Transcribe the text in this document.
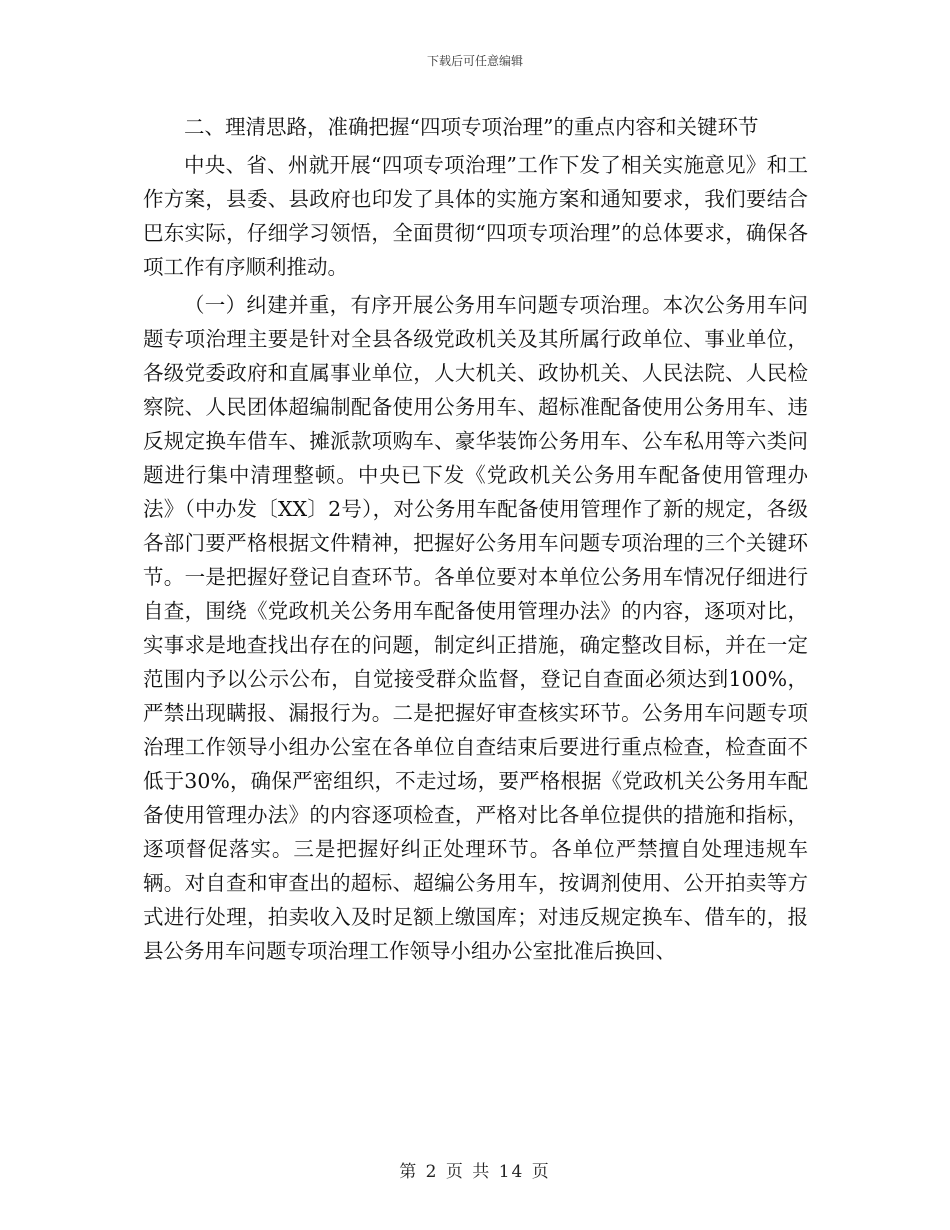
下载后可任意编辑

二、理清思路，准确把握“四项专项治理”的重点内容和关键环节

中央、省、州就开展“四项专项治理”工作下发了相关实施意见》和工作方案，县委、县政府也印发了具体的实施方案和通知要求，我们要结合巴东实际，仔细学习领悟，全面贯彻“四项专项治理”的总体要求，确保各项工作有序顺利推动。

（一）纠建并重，有序开展公务用车问题专项治理。本次公务用车问题专项治理主要是针对全县各级党政机关及其所属行政单位、事业单位，各级党委政府和直属事业单位，人大机关、政协机关、人民法院、人民检察院、人民团体超编制配备使用公务用车、超标准配备使用公务用车、违反规定换车借车、摊派款项购车、豪华装饰公务用车、公车私用等六类问题进行集中清理整顿。中央已下发《党政机关公务用车配备使用管理办法》（中办发〔XX〕2号），对公务用车配备使用管理作了新的规定，各级各部门要严格根据文件精神，把握好公务用车问题专项治理的三个关键环节。一是把握好登记自查环节。各单位要对本单位公务用车情况仔细进行自查，围绕《党政机关公务用车配备使用管理办法》的内容，逐项对比，实事求是地查找出存在的问题，制定纠正措施，确定整改目标，并在一定范围内予以公示公布，自觉接受群众监督，登记自查面必须达到100%，严禁出现瞒报、漏报行为。二是把握好审查核实环节。公务用车问题专项治理工作领导小组办公室在各单位自查结束后要进行重点检查，检查面不低于30%，确保严密组织，不走过场，要严格根据《党政机关公务用车配备使用管理办法》的内容逐项检查，严格对比各单位提供的措施和指标，逐项督促落实。三是把握好纠正处理环节。各单位严禁擅自处理违规车辆。对自查和审查出的超标、超编公务用车，按调剂使用、公开拍卖等方式进行处理，拍卖收入及时足额上缴国库；对违反规定换车、借车的，报县公务用车问题专项治理工作领导小组办公室批准后换回、

第 2 页 共 14 页
